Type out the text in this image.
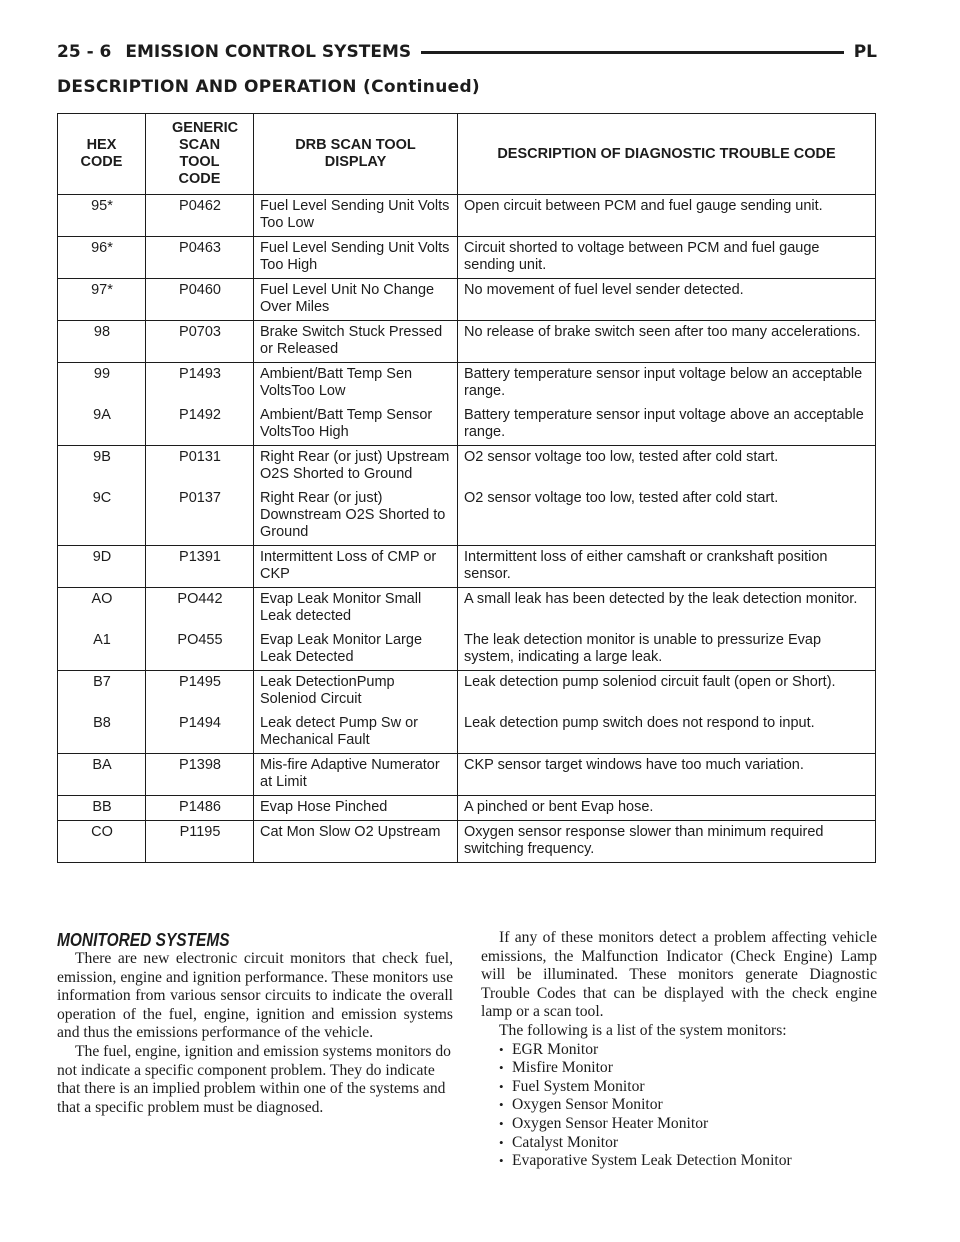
25 - 6 EMISSION CONTROL SYSTEMS	PL
DESCRIPTION AND OPERATION (Continued)
HEX CODE	GENERIC SCAN TOOL CODE	DRB SCAN TOOL DISPLAY	DESCRIPTION OF DIAGNOSTIC TROUBLE CODE
95*	P0462	Fuel Level Sending Unit Volts Too Low	Open circuit between PCM and fuel gauge sending unit.
96*	P0463	Fuel Level Sending Unit Volts Too High	Circuit shorted to voltage between PCM and fuel gauge sending unit.
97*	P0460	Fuel Level Unit No Change Over Miles	No movement of fuel level sender detected.
98	P0703	Brake Switch Stuck Pressed or Released	No release of brake switch seen after too many accelerations.
99	P1493	Ambient/Batt Temp Sen VoltsToo Low	Battery temperature sensor input voltage below an acceptable range.
9A	P1492	Ambient/Batt Temp Sensor VoltsToo High	Battery temperature sensor input voltage above an acceptable range.
9B	P0131	Right Rear (or just) Upstream O2S Shorted to Ground	O2 sensor voltage too low, tested after cold start.
9C	P0137	Right Rear (or just) Downstream O2S Shorted to Ground	O2 sensor voltage too low, tested after cold start.
9D	P1391	Intermittent Loss of CMP or CKP	Intermittent loss of either camshaft or crankshaft position sensor.
AO	PO442	Evap Leak Monitor Small Leak detected	A small leak has been detected by the leak detection monitor.
A1	PO455	Evap Leak Monitor Large Leak Detected	The leak detection monitor is unable to pressurize Evap system, indicating a large leak.
B7	P1495	Leak DetectionPump Soleniod Circuit	Leak detection pump soleniod circuit fault (open or Short).
B8	P1494	Leak detect Pump Sw or Mechanical Fault	Leak detection pump switch does not respond to input.
BA	P1398	Mis-fire Adaptive Numerator at Limit	CKP sensor target windows have too much variation.
BB	P1486	Evap Hose Pinched	A pinched or bent Evap hose.
CO	P1195	Cat Mon Slow O2 Upstream	Oxygen sensor response slower than minimum required switching frequency.
MONITORED SYSTEMS

There are new electronic circuit monitors that check fuel, emission, engine and ignition performance. These monitors use information from various sensor circuits to indicate the overall operation of the fuel, engine, ignition and emission systems and thus the emissions performance of the vehicle.

The fuel, engine, ignition and emission systems monitors do not indicate a specific component problem. They do indicate that there is an implied problem within one of the systems and that a specific problem must be diagnosed.

If any of these monitors detect a problem affecting vehicle emissions, the Malfunction Indicator (Check Engine) Lamp will be illuminated. These monitors generate Diagnostic Trouble Codes that can be displayed with the check engine lamp or a scan tool.

The following is a list of the system monitors:

• EGR Monitor
• Misfire Monitor
• Fuel System Monitor
• Oxygen Sensor Monitor
• Oxygen Sensor Heater Monitor
• Catalyst Monitor
• Evaporative System Leak Detection Monitor
